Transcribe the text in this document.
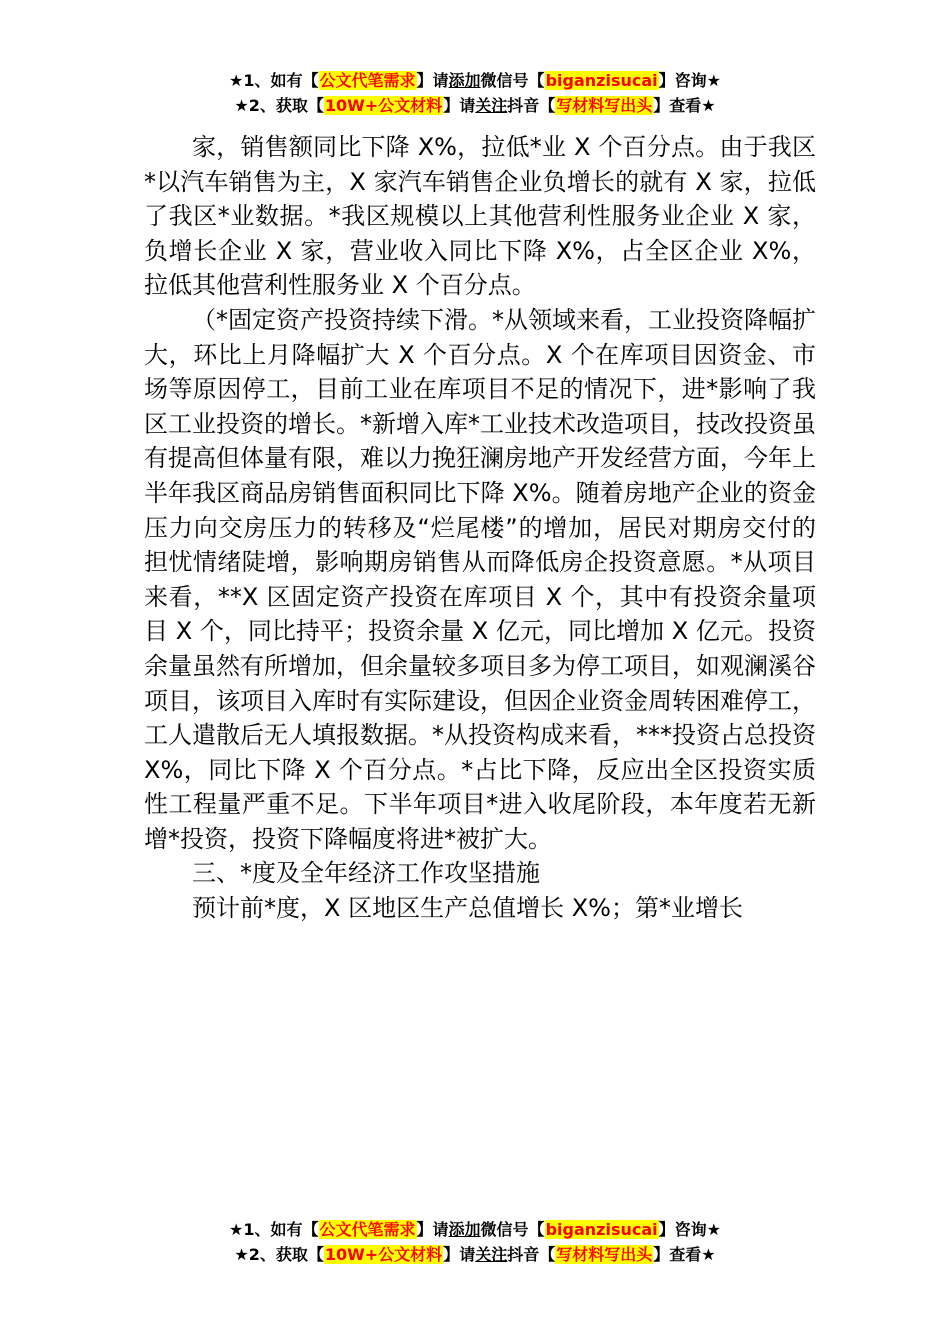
★1、如有【公文代笔需求】请添加微信号【biganzisucai】咨询★
★2、获取【10W+公文材料】请关注抖音【写材料写出头】查看★

家，销售额同比下降 X%，拉低*业 X 个百分点。由于我区*以汽车销售为主，X 家汽车销售企业负增长的就有 X 家，拉低了我区*业数据。*我区规模以上其他营利性服务业企业 X 家，负增长企业 X 家，营业收入同比下降 X%，占全区企业 X%，拉低其他营利性服务业 X 个百分点。

（*固定资产投资持续下滑。*从领域来看，工业投资降幅扩大，环比上月降幅扩大 X 个百分点。X 个在库项目因资金、市场等原因停工，目前工业在库项目不足的情况下，进*影响了我区工业投资的增长。*新增入库*工业技术改造项目，技改投资虽有提高但体量有限，难以力挽狂澜房地产开发经营方面，今年上半年我区商品房销售面积同比下降 X%。随着房地产企业的资金压力向交房压力的转移及“烂尾楼”的增加，居民对期房交付的担忧情绪陡增，影响期房销售从而降低房企投资意愿。*从项目来看，**X 区固定资产投资在库项目 X 个，其中有投资余量项目 X 个，同比持平；投资余量 X 亿元，同比增加 X 亿元。投资余量虽然有所增加，但余量较多项目多为停工项目，如观澜溪谷项目，该项目入库时有实际建设，但因企业资金周转困难停工，工人遣散后无人填报数据。*从投资构成来看，***投资占总投资 X%，同比下降 X 个百分点。*占比下降，反应出全区投资实质性工程量严重不足。下半年项目*进入收尾阶段，本年度若无新增*投资，投资下降幅度将进*被扩大。

三、*度及全年经济工作攻坚措施

预计前*度，X 区地区生产总值增长 X%；第*业增长

★1、如有【公文代笔需求】请添加微信号【biganzisucai】咨询★
★2、获取【10W+公文材料】请关注抖音【写材料写出头】查看★
